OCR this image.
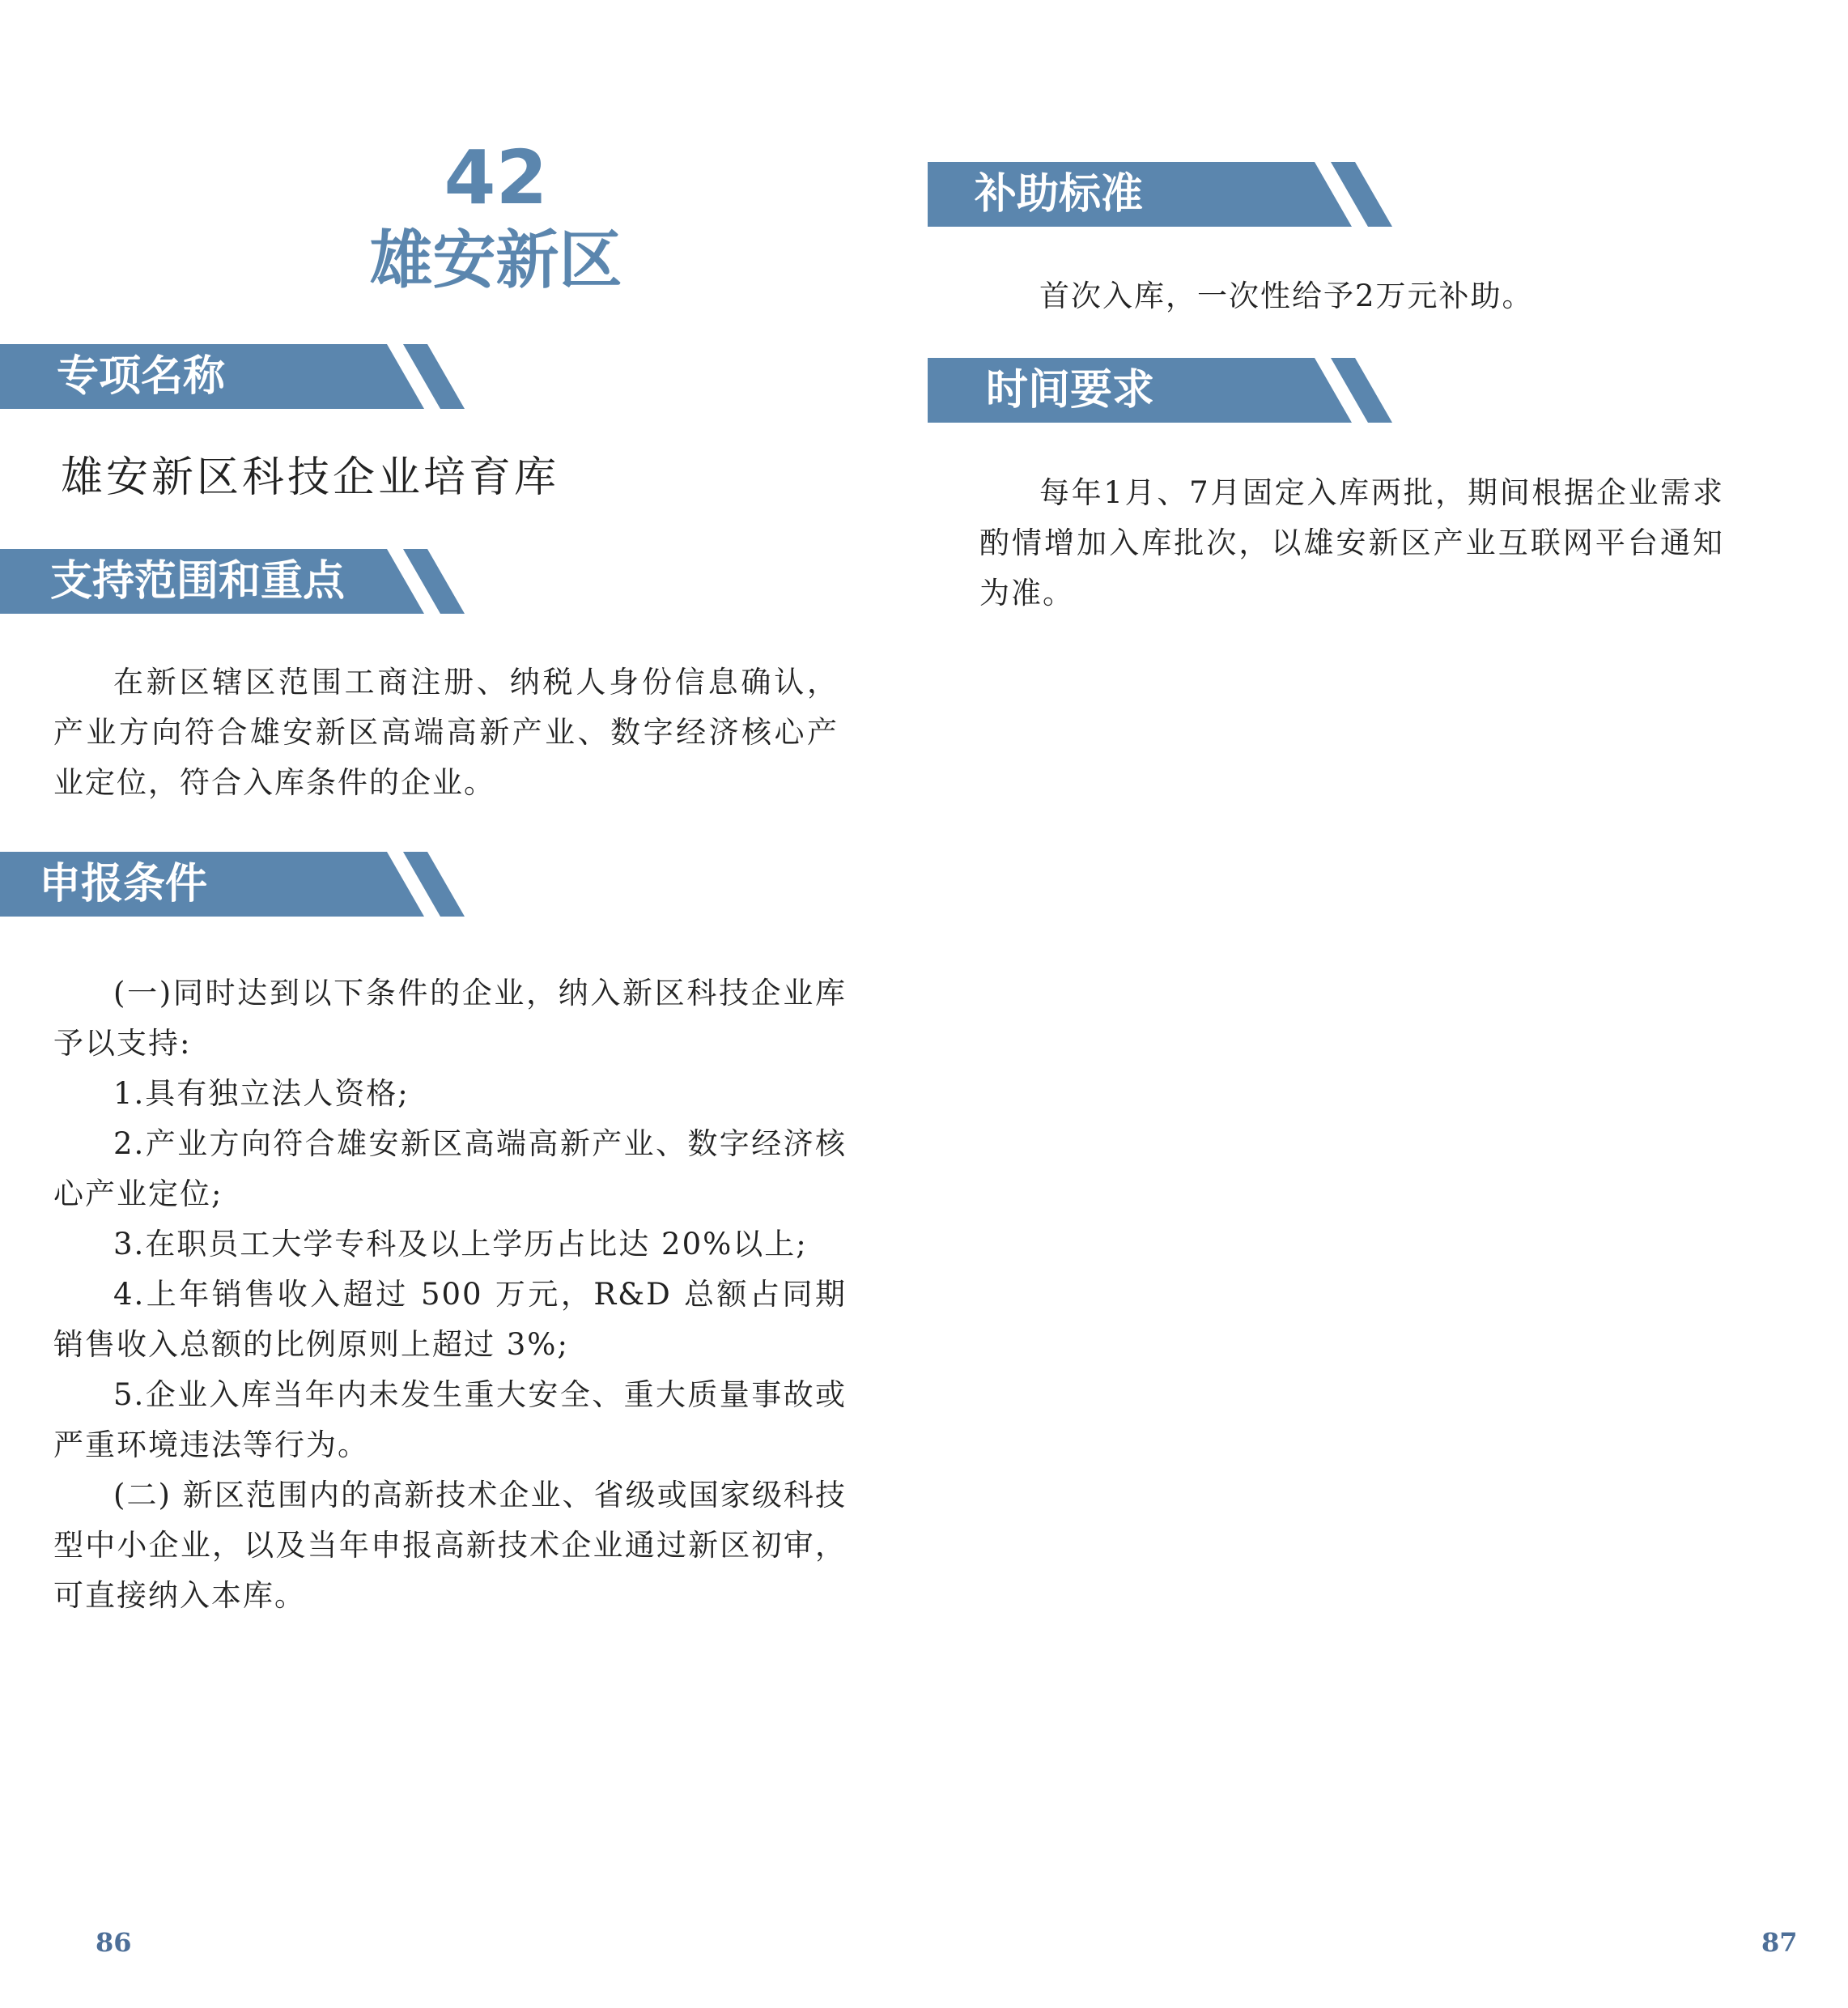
42
雄安新区
专项名称
雄安新区科技企业培育库
支持范围和重点

在新区辖区范围工商注册、纳税人身份信息确认，产业方向符合雄安新区高端高新产业、数字经济核心产业定位，符合入库条件的企业。

申报条件

(一)同时达到以下条件的企业，纳入新区科技企业库予以支持:

1.具有独立法人资格;

2.产业方向符合雄安新区高端高新产业、数字经济核心产业定位;

3.在职员工大学专科及以上学历占比达 20%以上;

4.上年销售收入超过 500 万元，R&D 总额占同期销售收入总额的比例原则上超过 3%;

5.企业入库当年内未发生重大安全、重大质量事故或严重环境违法等行为。

(二) 新区范围内的高新技术企业、省级或国家级科技型中小企业，以及当年申报高新技术企业通过新区初审，可直接纳入本库。

86
补助标准

首次入库，一次性给予2万元补助。

时间要求

每年1月、7月固定入库两批，期间根据企业需求酌情增加入库批次，以雄安新区产业互联网平台通知为准。

87
